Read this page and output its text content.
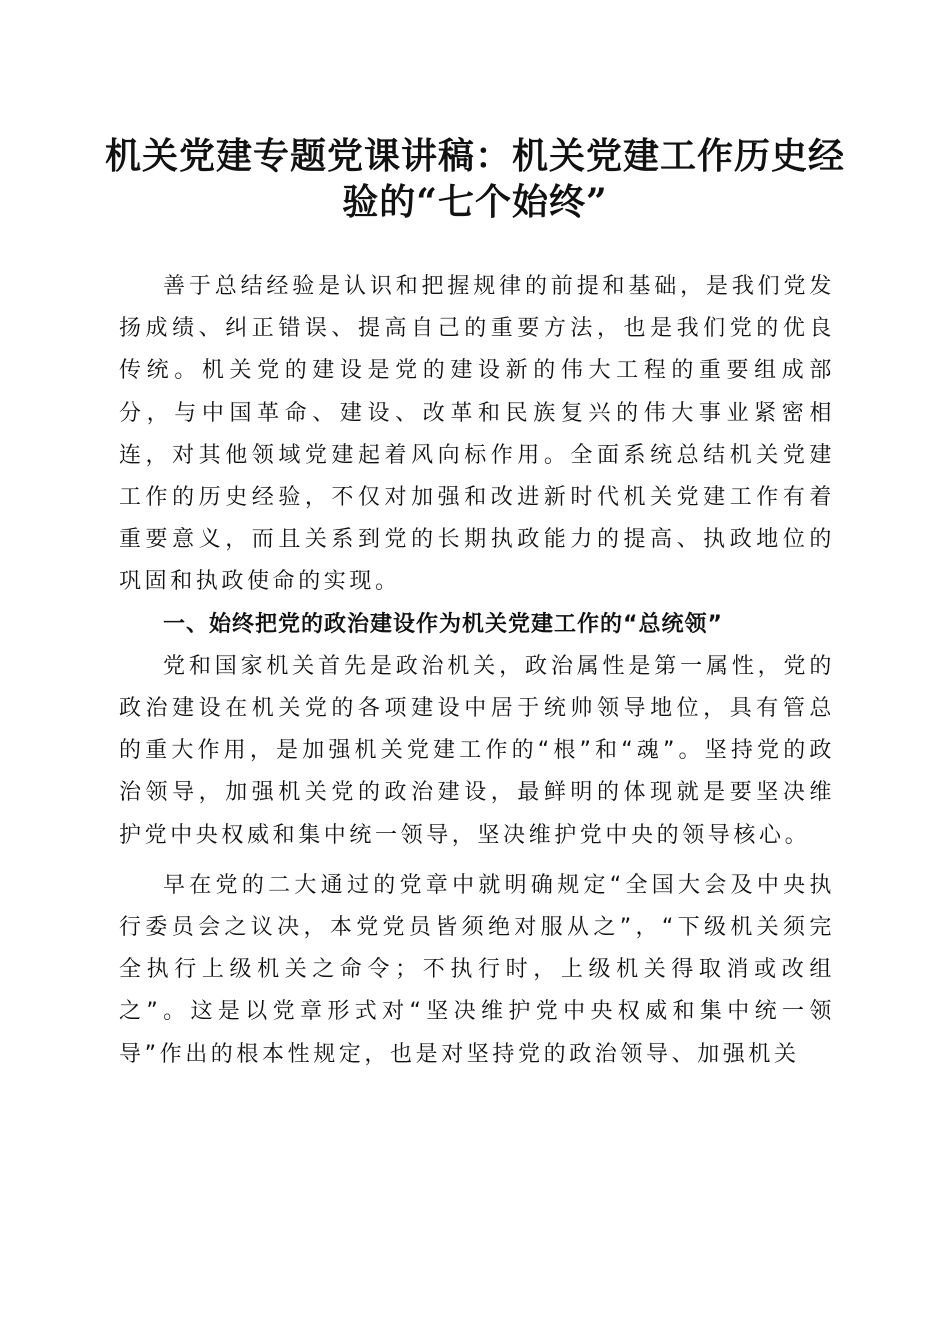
机关党建专题党课讲稿：机关党建工作历史经验的“七个始终”

善于总结经验是认识和把握规律的前提和基础，是我们党发扬成绩、纠正错误、提高自己的重要方法，也是我们党的优良传统。机关党的建设是党的建设新的伟大工程的重要组成部分，与中国革命、建设、改革和民族复兴的伟大事业紧密相连，对其他领域党建起着风向标作用。全面系统总结机关党建工作的历史经验，不仅对加强和改进新时代机关党建工作有着重要意义，而且关系到党的长期执政能力的提高、执政地位的巩固和执政使命的实现。

一、始终把党的政治建设作为机关党建工作的“总统领”

党和国家机关首先是政治机关，政治属性是第一属性，党的政治建设在机关党的各项建设中居于统帅领导地位，具有管总的重大作用，是加强机关党建工作的“根”和“魂”。坚持党的政治领导，加强机关党的政治建设，最鲜明的体现就是要坚决维护党中央权威和集中统一领导，坚决维护党中央的领导核心。

早在党的二大通过的党章中就明确规定“全国大会及中央执行委员会之议决，本党党员皆须绝对服从之”，“下级机关须完全执行上级机关之命令；不执行时，上级机关得取消或改组之”。这是以党章形式对“坚决维护党中央权威和集中统一领导”作出的根本性规定，也是对坚持党的政治领导、加强机关
